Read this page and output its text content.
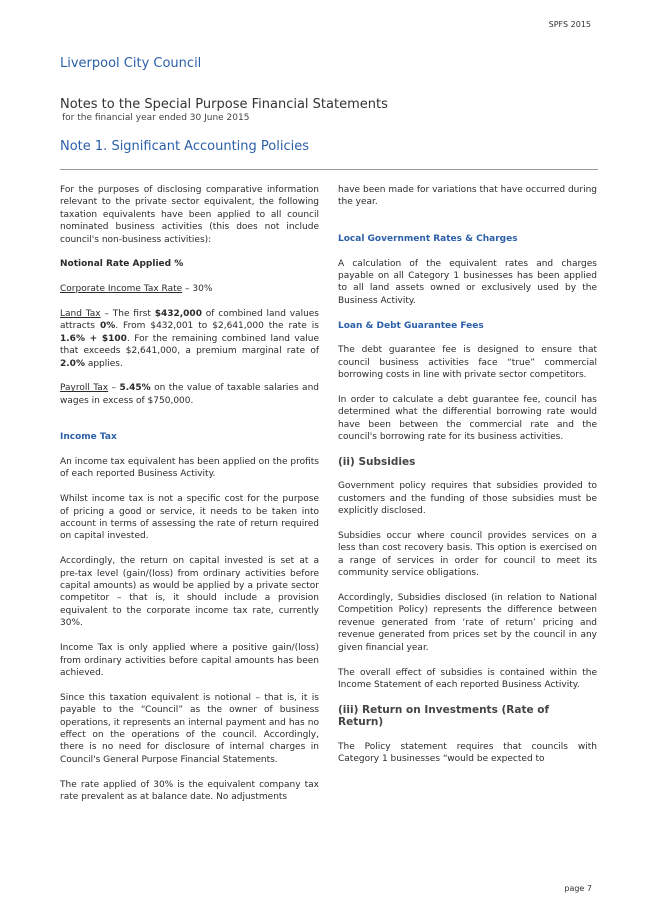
SPFS 2015
Liverpool City Council
Notes to the Special Purpose Financial Statements
for the financial year ended 30 June 2015
Note 1. Significant Accounting Policies

For the purposes of disclosing comparative information relevant to the private sector equivalent, the following taxation equivalents have been applied to all council nominated business activities (this does not include council's non-business activities):

Notional Rate Applied %

Corporate Income Tax Rate – 30%

Land Tax – The first $432,000 of combined land values attracts 0%. From $432,001 to $2,641,000 the rate is 1.6% + $100. For the remaining combined land value that exceeds $2,641,000, a premium marginal rate of 2.0% applies.

Payroll Tax – 5.45% on the value of taxable salaries and wages in excess of $750,000.

Income Tax

An income tax equivalent has been applied on the profits of each reported Business Activity.

Whilst income tax is not a specific cost for the purpose of pricing a good or service, it needs to be taken into account in terms of assessing the rate of return required on capital invested.

Accordingly, the return on capital invested is set at a pre-tax level (gain/(loss) from ordinary activities before capital amounts) as would be applied by a private sector competitor – that is, it should include a provision equivalent to the corporate income tax rate, currently 30%.

Income Tax is only applied where a positive gain/(loss) from ordinary activities before capital amounts has been achieved.

Since this taxation equivalent is notional – that is, it is payable to the “Council” as the owner of business operations, it represents an internal payment and has no effect on the operations of the council. Accordingly, there is no need for disclosure of internal charges in Council's General Purpose Financial Statements.

The rate applied of 30% is the equivalent company tax rate prevalent as at balance date. No adjustments

have been made for variations that have occurred during the year.

Local Government Rates & Charges

A calculation of the equivalent rates and charges payable on all Category 1 businesses has been applied to all land assets owned or exclusively used by the Business Activity.

Loan & Debt Guarantee Fees

The debt guarantee fee is designed to ensure that council business activities face “true” commercial borrowing costs in line with private sector competitors.

In order to calculate a debt guarantee fee, council has determined what the differential borrowing rate would have been between the commercial rate and the council's borrowing rate for its business activities.

(ii) Subsidies

Government policy requires that subsidies provided to customers and the funding of those subsidies must be explicitly disclosed.

Subsidies occur where council provides services on a less than cost recovery basis. This option is exercised on a range of services in order for council to meet its community service obligations.

Accordingly, Subsidies disclosed (in relation to National Competition Policy) represents the difference between revenue generated from ‘rate of return’ pricing and revenue generated from prices set by the council in any given financial year.

The overall effect of subsidies is contained within the Income Statement of each reported Business Activity.

(iii) Return on Investments (Rate of Return)

The Policy statement requires that councils with Category 1 businesses “would be expected to

page 7
